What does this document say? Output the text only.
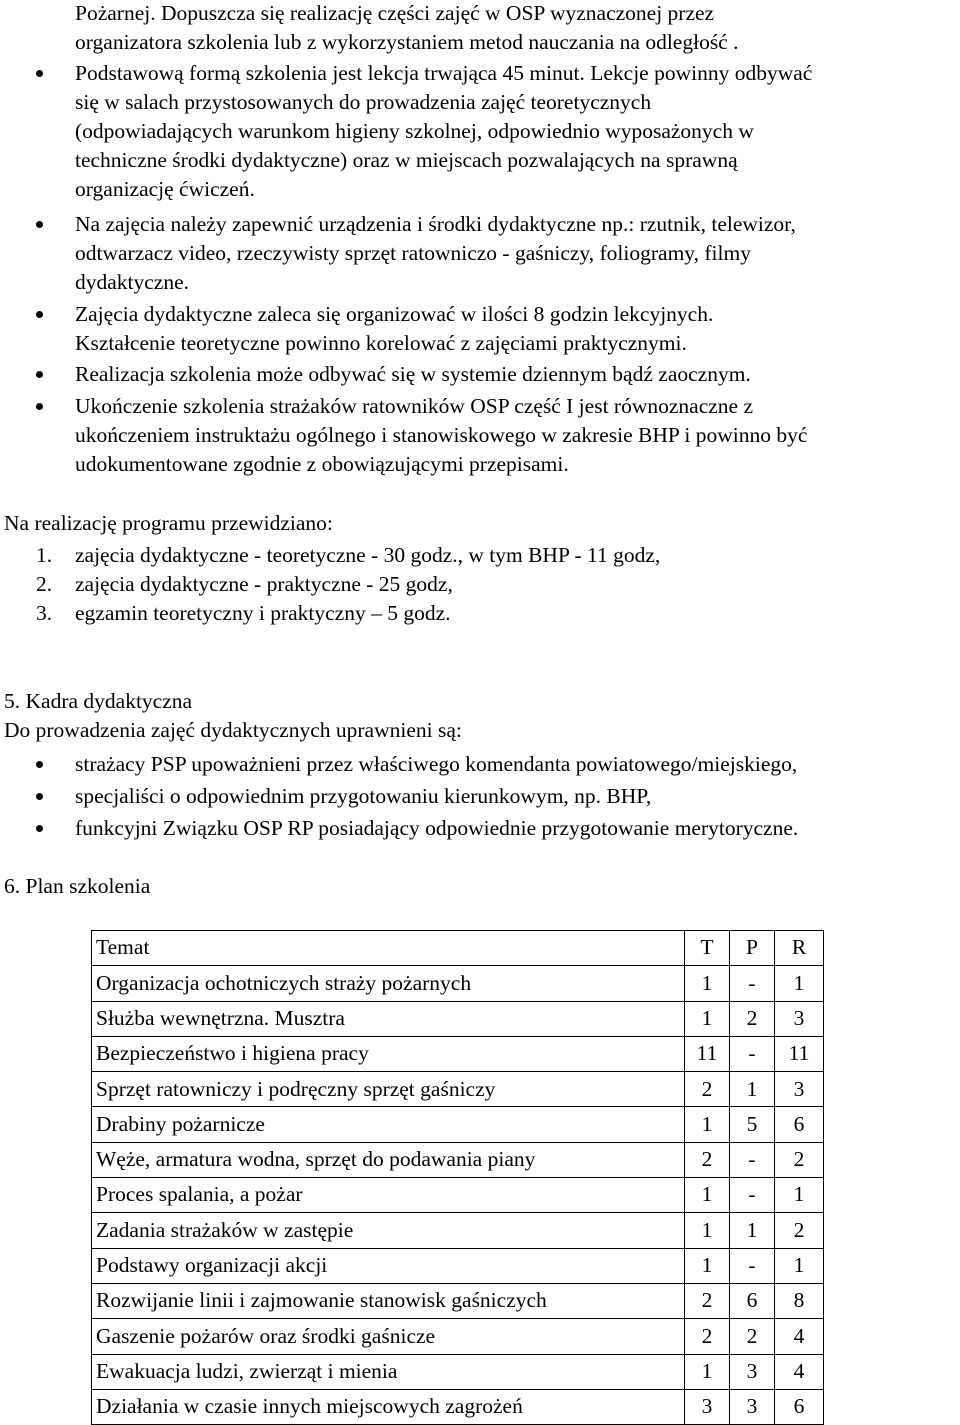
Pożarnej. Dopuszcza się realizację części zajęć w OSP wyznaczonej przez
organizatora szkolenia lub z wykorzystaniem metod nauczania na odległość .
Podstawową formą szkolenia jest lekcja trwająca 45 minut. Lekcje powinny odbywać
się w salach przystosowanych do prowadzenia zajęć teoretycznych
(odpowiadających warunkom higieny szkolnej, odpowiednio wyposażonych w
techniczne środki dydaktyczne) oraz w miejscach pozwalających na sprawną
organizację ćwiczeń.
Na zajęcia należy zapewnić urządzenia i środki dydaktyczne np.: rzutnik, telewizor,
odtwarzacz video, rzeczywisty sprzęt ratowniczo - gaśniczy, foliogramy, filmy
dydaktyczne.
Zajęcia dydaktyczne zaleca się organizować w ilości 8 godzin lekcyjnych.
Kształcenie teoretyczne powinno korelować z zajęciami praktycznymi.
Realizacja szkolenia może odbywać się w systemie dziennym bądź zaocznym.
Ukończenie szkolenia strażaków ratowników OSP część I jest równoznaczne z
ukończeniem instruktażu ogólnego i stanowiskowego w zakresie BHP i powinno być
udokumentowane zgodnie z obowiązującymi przepisami.
Na realizację programu przewidziano:
1. zajęcia dydaktyczne - teoretyczne - 30 godz., w tym BHP - 11 godz,
2. zajęcia dydaktyczne - praktyczne - 25 godz,
3. egzamin teoretyczny i praktyczny – 5 godz.
5. Kadra dydaktyczna
Do prowadzenia zajęć dydaktycznych uprawnieni są:
strażacy PSP upoważnieni przez właściwego komendanta powiatowego/miejskiego,
specjaliści o odpowiednim przygotowaniu kierunkowym, np. BHP,
funkcyjni Związku OSP RP posiadający odpowiednie przygotowanie merytoryczne.
6. Plan szkolenia
Temat	T	P	R
Organizacja ochotniczych straży pożarnych	1	-	1
Służba wewnętrzna. Musztra	1	2	3
Bezpieczeństwo i higiena pracy	11	-	11
Sprzęt ratowniczy i podręczny sprzęt gaśniczy	2	1	3
Drabiny pożarnicze	1	5	6
Węże, armatura wodna, sprzęt do podawania piany	2	-	2
Proces spalania, a pożar	1	-	1
Zadania strażaków w zastępie	1	1	2
Podstawy organizacji akcji	1	-	1
Rozwijanie linii i zajmowanie stanowisk gaśniczych	2	6	8
Gaszenie pożarów oraz środki gaśnicze	2	2	4
Ewakuacja ludzi, zwierząt i mienia	1	3	4
Działania w czasie innych miejscowych zagrożeń	3	3	6
